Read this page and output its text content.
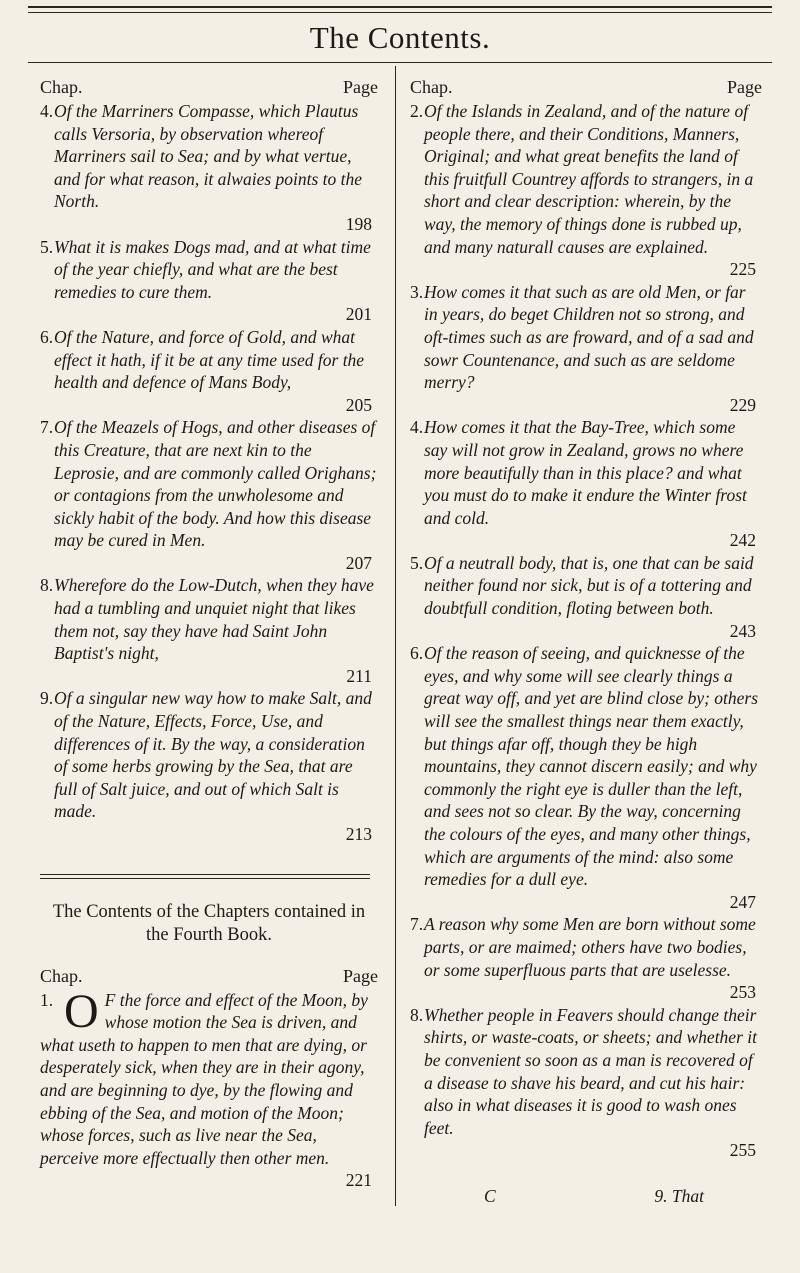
The Contents.
Chap.	Page

4.Of the Marriners Compasse, which Plautus calls Versoria, by observation whereof Marriners sail to Sea; and by what vertue, and for what reason, it alwaies points to the North.
198

5.What it is makes Dogs mad, and at what time of the year chiefly, and what are the best remedies to cure them.
201

6.Of the Nature, and force of Gold, and what effect it hath, if it be at any time used for the health and defence of Mans Body,
205

7.Of the Meazels of Hogs, and other diseases of this Creature, that are next kin to the Leprosie, and are commonly called Orighans; or contagions from the unwholesome and sickly habit of the body. And how this disease may be cured in Men.
207

8.Wherefore do the Low-Dutch, when they have had a tumbling and unquiet night that likes them not, say they have had Saint John Baptist's night,
211

9.Of a singular new way how to make Salt, and of the Nature, Effects, Force, Use, and differences of it. By the way, a consideration of some herbs growing by the Sea, that are full of Salt juice, and out of which Salt is made.
213

The Contents of the Chapters contained in the Fourth Book.

Chap.	Page

1. O F the force and effect of the Moon, by whose motion the Sea is driven, and what useth to happen to men that are dying, or desperately sick, when they are in their agony, and are beginning to dye, by the flowing and ebbing of the Sea, and motion of the Moon; whose forces, such as live near the Sea, perceive more effectually then other men.
221

Chap.	Page

2.Of the Islands in Zealand, and of the nature of people there, and their Conditions, Manners, Original; and what great benefits the land of this fruitfull Countrey affords to strangers, in a short and clear description: wherein, by the way, the memory of things done is rubbed up, and many naturall causes are explained.
225

3.How comes it that such as are old Men, or far in years, do beget Children not so strong, and oft-times such as are froward, and of a sad and sowr Countenance, and such as are seldome merry?
229

4.How comes it that the Bay-Tree, which some say will not grow in Zealand, grows no where more beautifully than in this place? and what you must do to make it endure the Winter frost and cold.
242

5.Of a neutrall body, that is, one that can be said neither found nor sick, but is of a tottering and doubtfull condition, floting between both.
243

6.Of the reason of seeing, and quicknesse of the eyes, and why some will see clearly things a great way off, and yet are blind close by; others will see the smallest things near them exactly, but things afar off, though they be high mountains, they cannot discern easily; and why commonly the right eye is duller than the left, and sees not so clear. By the way, concerning the colours of the eyes, and many other things, which are arguments of the mind: also some remedies for a dull eye.
247

7.A reason why some Men are born without some parts, or are maimed; others have two bodies, or some superfluous parts that are uselesse.
253

8.Whether people in Feavers should change their shirts, or waste-coats, or sheets; and whether it be convenient so soon as a man is recovered of a disease to shave his beard, and cut his hair: also in what diseases it is good to wash ones feet.
255

C	9. That
